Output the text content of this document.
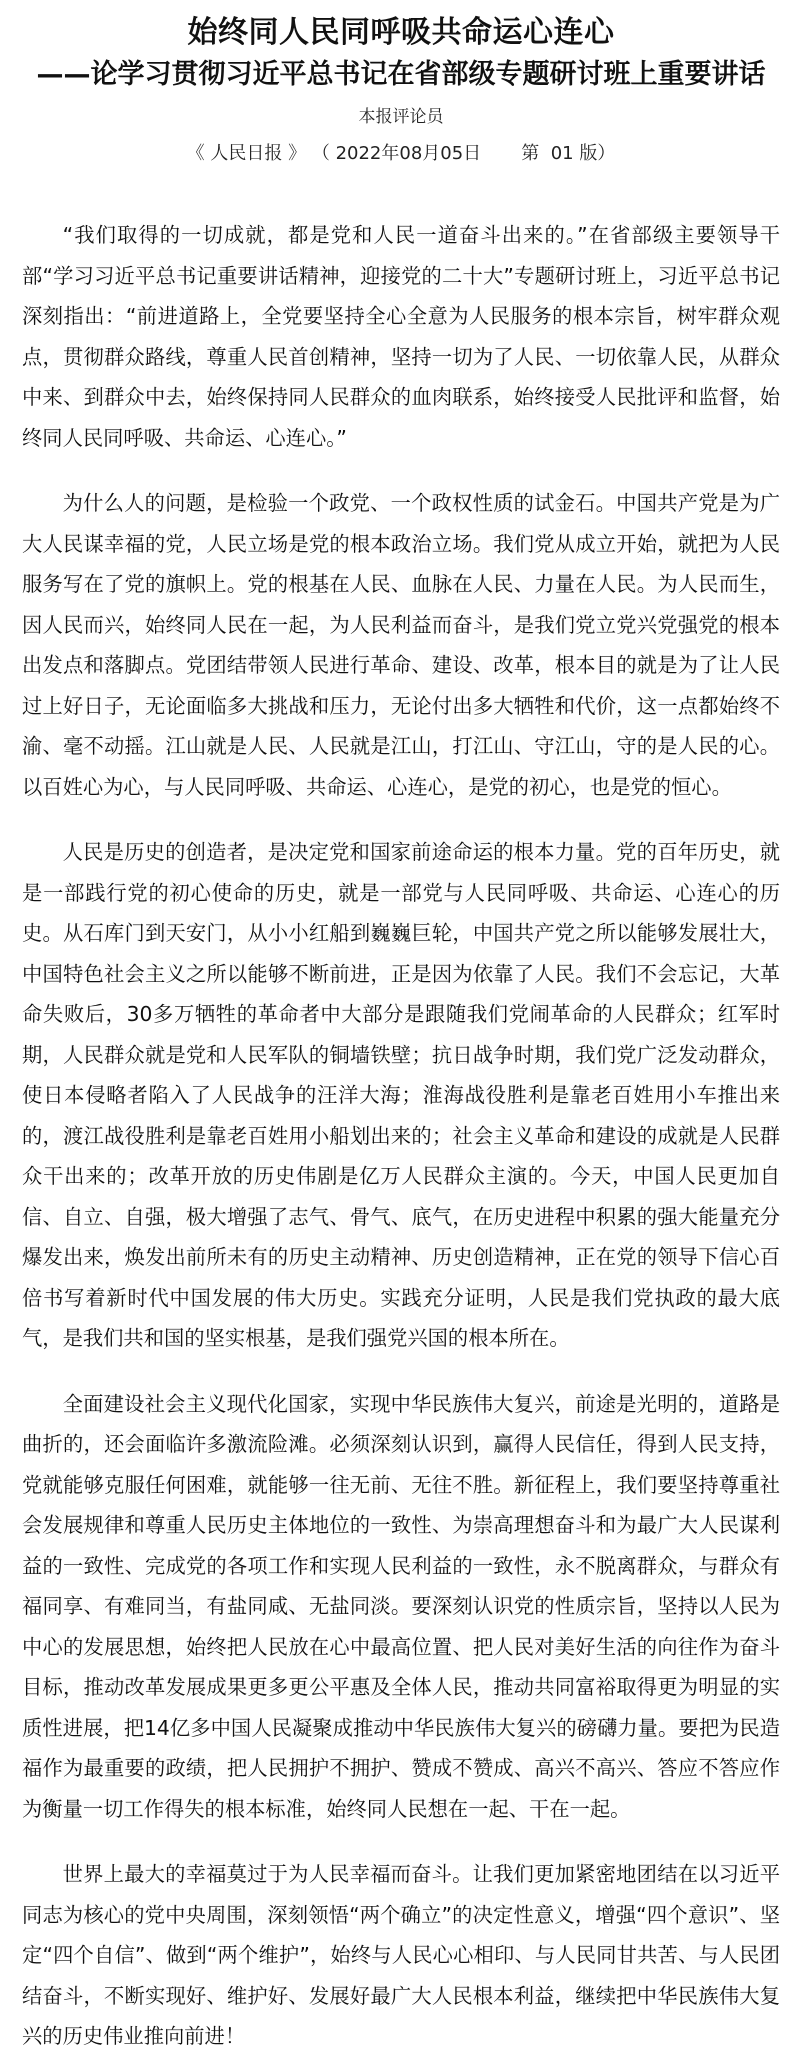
始终同人民同呼吸共命运心连心
——论学习贯彻习近平总书记在省部级专题研讨班上重要讲话
本报评论员
《 人民日报 》 （ 2022年08月05日 第  01 版）

“我们取得的一切成就，都是党和人民一道奋斗出来的。”在省部级主要领导干部“学习习近平总书记重要讲话精神，迎接党的二十大”专题研讨班上，习近平总书记深刻指出：“前进道路上，全党要坚持全心全意为人民服务的根本宗旨，树牢群众观点，贯彻群众路线，尊重人民首创精神，坚持一切为了人民、一切依靠人民，从群众中来、到群众中去，始终保持同人民群众的血肉联系，始终接受人民批评和监督，始终同人民同呼吸、共命运、心连心。”

为什么人的问题，是检验一个政党、一个政权性质的试金石。中国共产党是为广大人民谋幸福的党，人民立场是党的根本政治立场。我们党从成立开始，就把为人民服务写在了党的旗帜上。党的根基在人民、血脉在人民、力量在人民。为人民而生，因人民而兴，始终同人民在一起，为人民利益而奋斗，是我们党立党兴党强党的根本出发点和落脚点。党团结带领人民进行革命、建设、改革，根本目的就是为了让人民过上好日子，无论面临多大挑战和压力，无论付出多大牺牲和代价，这一点都始终不渝、毫不动摇。江山就是人民、人民就是江山，打江山、守江山，守的是人民的心。以百姓心为心，与人民同呼吸、共命运、心连心，是党的初心，也是党的恒心。

人民是历史的创造者，是决定党和国家前途命运的根本力量。党的百年历史，就是一部践行党的初心使命的历史，就是一部党与人民同呼吸、共命运、心连心的历史。从石库门到天安门，从小小红船到巍巍巨轮，中国共产党之所以能够发展壮大，中国特色社会主义之所以能够不断前进，正是因为依靠了人民。我们不会忘记，大革命失败后，30多万牺牲的革命者中大部分是跟随我们党闹革命的人民群众；红军时期，人民群众就是党和人民军队的铜墙铁壁；抗日战争时期，我们党广泛发动群众，使日本侵略者陷入了人民战争的汪洋大海；淮海战役胜利是靠老百姓用小车推出来的，渡江战役胜利是靠老百姓用小船划出来的；社会主义革命和建设的成就是人民群众干出来的；改革开放的历史伟剧是亿万人民群众主演的。今天，中国人民更加自信、自立、自强，极大增强了志气、骨气、底气，在历史进程中积累的强大能量充分爆发出来，焕发出前所未有的历史主动精神、历史创造精神，正在党的领导下信心百倍书写着新时代中国发展的伟大历史。实践充分证明，人民是我们党执政的最大底气，是我们共和国的坚实根基，是我们强党兴国的根本所在。

全面建设社会主义现代化国家，实现中华民族伟大复兴，前途是光明的，道路是曲折的，还会面临许多激流险滩。必须深刻认识到，赢得人民信任，得到人民支持，党就能够克服任何困难，就能够一往无前、无往不胜。新征程上，我们要坚持尊重社会发展规律和尊重人民历史主体地位的一致性、为崇高理想奋斗和为最广大人民谋利益的一致性、完成党的各项工作和实现人民利益的一致性，永不脱离群众，与群众有福同享、有难同当，有盐同咸、无盐同淡。要深刻认识党的性质宗旨，坚持以人民为中心的发展思想，始终把人民放在心中最高位置、把人民对美好生活的向往作为奋斗目标，推动改革发展成果更多更公平惠及全体人民，推动共同富裕取得更为明显的实质性进展，把14亿多中国人民凝聚成推动中华民族伟大复兴的磅礴力量。要把为民造福作为最重要的政绩，把人民拥护不拥护、赞成不赞成、高兴不高兴、答应不答应作为衡量一切工作得失的根本标准，始终同人民想在一起、干在一起。

世界上最大的幸福莫过于为人民幸福而奋斗。让我们更加紧密地团结在以习近平同志为核心的党中央周围，深刻领悟“两个确立”的决定性意义，增强“四个意识”、坚定“四个自信”、做到“两个维护”，始终与人民心心相印、与人民同甘共苦、与人民团结奋斗，不断实现好、维护好、发展好最广大人民根本利益，继续把中华民族伟大复兴的历史伟业推向前进！
